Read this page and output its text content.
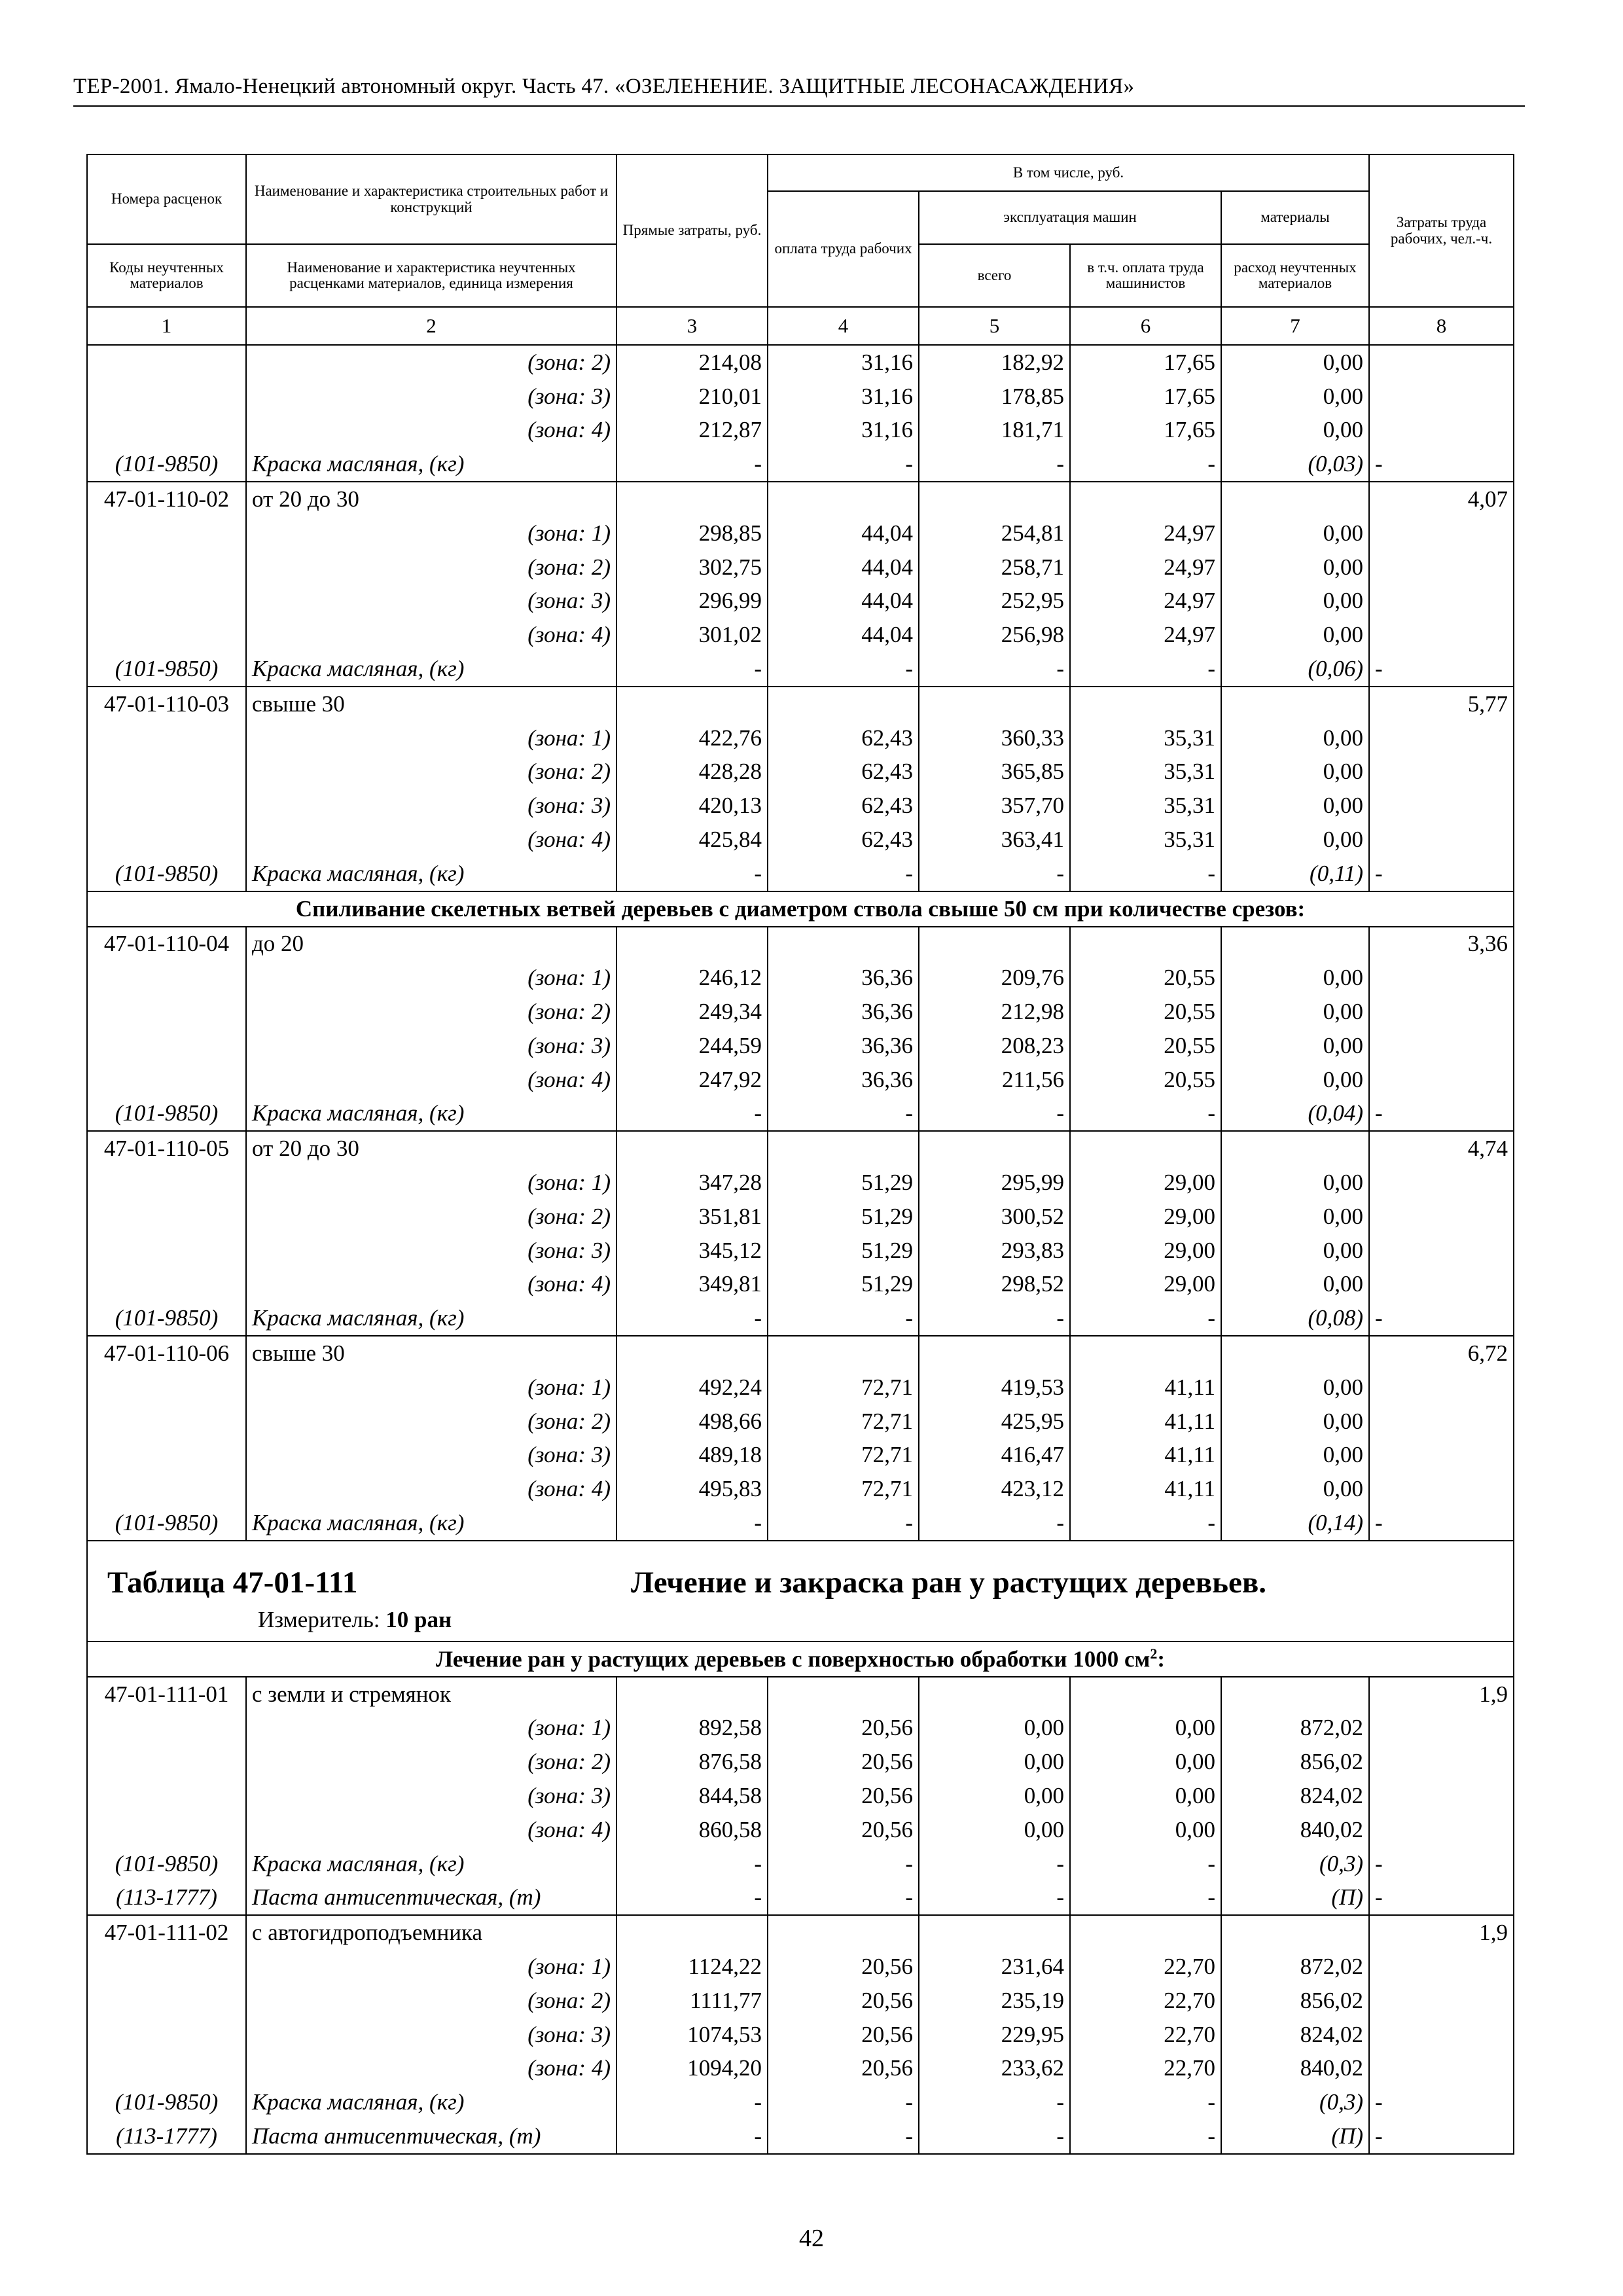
ТЕР-2001. Ямало-Ненецкий автономный округ. Часть 47. «ОЗЕЛЕНЕНИЕ. ЗАЩИТНЫЕ ЛЕСОНАСАЖДЕНИЯ»
Номера расценок	Наименование и характеристика строительных работ и конструкций	Прямые затраты, руб.	В том числе, руб.				Затраты труда рабочих, чел.-ч.
			оплата труда рабочих	эксплуатация машин		материалы	
Коды неучтенных материалов	Наименование и характеристика неучтенных расценками материалов, единица измерения			всего	в т.ч. оплата труда машинистов	расход неучтенных материалов	
1	2	3	4	5	6	7	8
	(зона: 2)	214,08	31,16	182,92	17,65	0,00	
	(зона: 3)	210,01	31,16	178,85	17,65	0,00	
	(зона: 4)	212,87	31,16	181,71	17,65	0,00	
(101-9850)	Краска масляная, (кг)	-	-	-	-	(0,03)	-
47-01-110-02	от 20 до 30						4,07
	(зона: 1)	298,85	44,04	254,81	24,97	0,00	
	(зона: 2)	302,75	44,04	258,71	24,97	0,00	
	(зона: 3)	296,99	44,04	252,95	24,97	0,00	
	(зона: 4)	301,02	44,04	256,98	24,97	0,00	
(101-9850)	Краска масляная, (кг)	-	-	-	-	(0,06)	-
47-01-110-03	свыше 30						5,77
	(зона: 1)	422,76	62,43	360,33	35,31	0,00	
	(зона: 2)	428,28	62,43	365,85	35,31	0,00	
	(зона: 3)	420,13	62,43	357,70	35,31	0,00	
	(зона: 4)	425,84	62,43	363,41	35,31	0,00	
(101-9850)	Краска масляная, (кг)	-	-	-	-	(0,11)	-
Спиливание скелетных ветвей деревьев с диаметром ствола свыше 50 см при количестве срезов:							
47-01-110-04	до 20						3,36
	(зона: 1)	246,12	36,36	209,76	20,55	0,00	
	(зона: 2)	249,34	36,36	212,98	20,55	0,00	
	(зона: 3)	244,59	36,36	208,23	20,55	0,00	
	(зона: 4)	247,92	36,36	211,56	20,55	0,00	
(101-9850)	Краска масляная, (кг)	-	-	-	-	(0,04)	-
47-01-110-05	от 20 до 30						4,74
	(зона: 1)	347,28	51,29	295,99	29,00	0,00	
	(зона: 2)	351,81	51,29	300,52	29,00	0,00	
	(зона: 3)	345,12	51,29	293,83	29,00	0,00	
	(зона: 4)	349,81	51,29	298,52	29,00	0,00	
(101-9850)	Краска масляная, (кг)	-	-	-	-	(0,08)	-
47-01-110-06	свыше 30						6,72
	(зона: 1)	492,24	72,71	419,53	41,11	0,00	
	(зона: 2)	498,66	72,71	425,95	41,11	0,00	
	(зона: 3)	489,18	72,71	416,47	41,11	0,00	
	(зона: 4)	495,83	72,71	423,12	41,11	0,00	
(101-9850)	Краска масляная, (кг)	-	-	-	-	(0,14)	-

Таблица 47-01-111 Лечение и закраска ран у растущих деревьев.
Измеритель: 10 ран							

Лечение ран у растущих деревьев с поверхностью обработки 1000 $см^2$:							
47-01-111-01	с земли и стремянок						1,9
	(зона: 1)	892,58	20,56	0,00	0,00	872,02	
	(зона: 2)	876,58	20,56	0,00	0,00	856,02	
	(зона: 3)	844,58	20,56	0,00	0,00	824,02	
	(зона: 4)	860,58	20,56	0,00	0,00	840,02	
(101-9850)	Краска масляная, (кг)	-	-	-	-	(0,3)	-
(113-1777)	Паста антисептическая, (т)	-	-	-	-	(П)	-
47-01-111-02	с автогидроподъемника						1,9
	(зона: 1)	1124,22	20,56	231,64	22,70	872,02	
	(зона: 2)	1111,77	20,56	235,19	22,70	856,02	
	(зона: 3)	1074,53	20,56	229,95	22,70	824,02	
	(зона: 4)	1094,20	20,56	233,62	22,70	840,02	
(101-9850)	Краска масляная, (кг)	-	-	-	-	(0,3)	-
(113-1777)	Паста антисептическая, (т)	-	-	-	-	(П)	-
42
